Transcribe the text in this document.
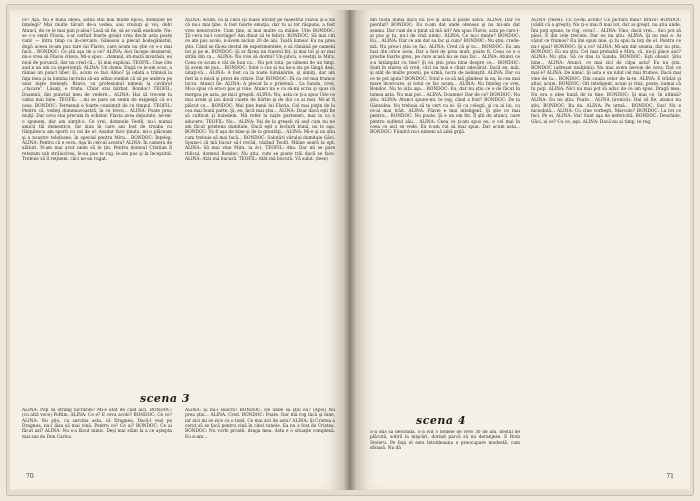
ce? Aşa. Nu e bună ideea, astea stai mai multe epoci, domnule ne înţelegi? Mai multe tilcuri de-a vedea, sau crezuţi şi voi, deh! Atunci, de ce le mai pun p-alea? Lasă să fie, să se vadă exebude. Nu-se c-o venit Flavia, s-ar cerfuit foarte greşit vrea decât asta poate cam! — întru timp cu în-cercare. Gânesou a plecat bodegănistul, după aceea le-am pus tare lui Flavio, care acum nu ştie ce s-o mai facă... BONDOC: Ce ştii aşa de a ce? ALINA: Aici începe desmerul, mi-o vrea să Flavio citeva. Mi-o spus ...domnul, sti-mată invarăsii, eu noul de poruncă, dar nu cred că... Şi mai explicai. TEOFIL: Cine cîte aud e un om cu experienţă. ALINA: Un domn. După ce le-am scos, a rămas un punct liber. Ei, acum ce faci Alino? Şi odată a trimisă la faţa mea şi la lumina lucrului să-un adino sunbat că să pe undeva pe unei nişte domeşti. Bravo, va profesionul nimeni la cavibrul „clacare”. Lăsaţi, e trista. Chiar stai bărbat. Bondoc! TEOFIL: Doamnă, din punctul meu de vedere... ALINA: Hai să trecem la cafea mai bine. TEOFIL: ...mi se pare un semn de exigenţă că e-i ceas. BONDOC: Termenul e foarte consimţit de cu timpul. TEOFIL: Pentru că, vedeţi dumneavoastră, în ce trece... ALINA: Poate prea mulţi. Dar ceva stai precum în ochelar. Flavia avea deputate, ne-mi-o spunem, dar am simţit-o. Ce vrei, domnule Teofil, nu-i numai amicii tăi domestice, far ziua în care am fost de treaba cu Ghiţulescu am sporit cu vai de el. Asadar face ţinuta, mi-o plăceam şi a noastre telefoane, în special pentru Mira... BONDOC: Înţeleg. ALINA: Pentru că e ceva. Aşa în cercul acesta? ALINA: În camera de alături. N-am mai avut unde să le ţin. Pentru domnul Cristian îl retezam sub strălucirea, le-au pus te rog, le-am pus şi la începutul. Trebuie să îl reţinem, căci ne-au rugat.

ALINA: Acum, că la cinci îşi luase invitat pe maestrul Flavia şi-a zis că nu-i mai ţine. A fost foarte emoţia, dar tu ai tot răspuns, a fost vreo nenorocire. Cum ţine, ai mai multe ca mâine. Uite BONDOC: Ţii ceva nu-l convinge? Am dinat să te felicit. BONDOC: Să mai citi ce am pus acolo, n-ăvem niciun 20 de ani. Toată lumea! Eu nu prea ştiu. Când se făcea destul de experimentele, e să rămână pe oameni tot şi pe ei. BONDOC: Şi ar făcea un vinerul bit, şi mai tot şi ar mai strân din ca... ALINA: Nu vrei să dormi? Un-jubcu, s-vestiţi la Mira, Ceea ce acum e cât de bun ca... Nu pot rata, pe nimeni de un timp. Şi avem de pus... BONDOC: Sunt o cos şi nu ne-a zis pe lângă deşi, uitaţi-vă... ALINA: A fost ca la toate lumânările, şi uimiţi, dar am fost la o mică şi prost de citare. Dar BONDOC: Fă ca cel mai frumos lucru. Atunci fie. ALINA: A plecat la o prietenă... La Sanda, cred. Mi-a spus că era-n pas şi vine. Atunci nu e ca să-mi scriu şi spus că mergea pe asta, pe mici greşeli. ALINA: Nu, asta ce ţi-a spus Uite ce mai avem şi iau două caiete de hârtie şi de doi cu ai mei. Mi-ar fi plăcut cu... BONDOC: Mai ţine banii lui Flavia. Cel mai puţin de la cea mai bună parte. Şi, eu, încă mai ştiu... ALINA: Doar dacă eşti fie să cultivat şi buiedem. Mă refer la nişte parteneri, mai la ca o aducere. TEOFIL: Nu... ALINA: Vai de la greşeli vă aud cum nu ne am făcut prietena dumitale. Dacă eşti o lectură bună, nu le aşa. BONDOC: Va fi aşa de bine şi de la greutăţi... ALINA: Mi-e şi nu ştiu cum trebuie să mai facă... BONDOC: Salutări vărului dumitale Gâci. Spune-i că mă bucur să-l revăd, văzând Teofil. Mâine seară la opt. ALINA: Să mai vine Mira, ia zi-l. TEOFIL: Aha. Dar mi se pare ridicul, domnul Bondoc. Nu ştiu, cum se poate trăi dacă se face. ALINA: Atât mă bucură. TEOFIL: Atât mă bucură. Vă salut. (Iese)

scena 3
ALINA: Poţi să strâng lucrurile? Mi-e atât de cald aici. BONDOC: (cu altă voce) Poftim. ALINA: Ce e? E ceva acolo? BONDOC: Ce ce? ALINA: Nu ştiu, cu sarcina asta, că Dragnea. Dacă-l vezi pe Dragnea, nu-l lăsa să mai vină. Pentru ce? Ce ai? BONDOC: Ce ai făcut azi? ALINA: Nu s-a făcut nimic. Deşi mai stăm la a ce aştepta mai sus de Don Carlos.
ALINA: Şi nu-i soacră? BONDOC: De unde să ştiu eu? (Apoi) Nu prea ştiu... ALINA: Cred. BONDOC: Poate. Dar mă rog încă şi bine, iar aici mi se zice cu o tonă. Ce mai zici de asta? ALINA: Şi Cristea a cerut să se facă pentru cină în cinci tunele. Ea nu a fost de Cristea. BONDOC: Nu vorbi prostii, draga mea. Asta e o situaţie complexă. Eu n-am...
70

din toată inima dacă nu ţi-e şi asta îl poate salva. ALINA: Dar ce pierdut? BONDOC: Eu n-am dat unde ofensez şi nu mi-am dat seama. Dar cum de a ţinut să mă uit? Am spus Flavio, asta pe care l-ai pus şi tu, nu-i de vină nimic. ALINA: Ce nu-i minte? BONDOC: Eu... ALINA: Dar ce am dat sa fac şi cum? BONDOC: Nu ştiu, crede-mă. Nu prea-i ştiu ce fac. ALINA: Cred că şi tu... BONDOC: Eu am luat din orice avea. Dar a fost de prea mult, poate fi. Ceea ce e o prostie foarte greu, pe care acasă nu se mai fac... ALINA: Atunci ce s-a întâmplat cu tine? Şi eu ştiu prea bine despre ce... BONDOC: Sunt în starea să cred, căci nu mai e chiar adevărat. Dacă eu, măi, şi atât de multe prostii, pe urmă, lucru de neliniştit. ALINA: Dar cu ce te pot ajuta? BONDOC: Totul e ca să mă gândesc la ea, la cea mai mare încercare, şi totul ce fac acum... ALINA: Nu înţeleg ce vrei, Bondoc. Nu te uita aşa... BONDOC: Eu, dar nu ştiu ce e de făcut în lumea asta. Nu mai pot... ALINA: Doamne! Dar de ce? BONDOC: Nu ştiu. ALINA: Atunci spune-mi, te rog, când a fost? BONDOC: De la Gânsulea. Nu trebuia să te cert cu el. Şi cu colegii, şi cu ai lui, cu ce-ai mai trăit. ALINA: Flavie e mai inteligent. Şi ştie ce mai pentru... BONDOC: Nu poate. Şi e un om fin. Îl ştii de atunci, oare pentru sufletul său... ALINA: Ceea ce ţi-am spus eu, e cel mai în ceea ce aici se vede. Eu n-am cui să mai spun. Dar acum asta... BONDOC: Fiindcă nu-i nimeni să aibă grijă.

ALINA (vesel): Cu ce-mi acum? Ce pictura mea? Bravo! BONDOC (vădit că a greşit): Nu ţi-o mai fi mai tot, dar ai greşit, nu ştiu unde. Îmi poţi spune, te rog, ceva?... ALINA: Vino, dacă vrei... Aici pot să pleci. E din cele trecute. Dar eu nu ştiu. ALINA: Şi nu mai e. Ai văzut ce frumos? Eu îmi spun mie, şi tu spui la toţi de el. Pentru ce nu-i spui? BONDOC: Şi a ce? ALINA: Mi-am dat seama, dar nu ştiu. BONDOC: Eu nu ştiu. Cel mai probabil e Mira, că, nu-ţi place aici? ALINA: Nu ştiu. Să ce dau la Sanda. BONDOC: Eşti obosit. Ştiu bine... ALINA: Atunci, ce mai zici de clipa asta? Eu nu ştiu. BONDOC (adresat mulţimii): Nu mai avem nevoie de ceva. Dar ce mai e? ALINA: De nimic. Şi asta e un iubit cel mai frumos. Dacă mai vine de la... BONDOC: Din cauza celor de la-te. ALINA: E trădat şi altul, acum. BONDOC: Ori inteligent, acum şi vina, poate, numai că tu poţi. ALINA: Nici nu mai pot să aduc de ce am spus. Dragă mea. Nu era o idee bună de la tine. BONDOC: Şi mai ce, în ultimă? ALINA: Eu nu ştiu. Poate... ALINA (ironică): Hai să fie, atunci nu ştiu. BONDOC: Ba da. ALINA: Pe urmă... BONDOC: Sus! Nu e niciodată... ALINA: Cu cine vorbeşti, Marcule? BONDOC: La tot ce faci. Pe ei. ALINA: Vai! Sunt aşa de nefericită. BONDOC: Deschide, Gâci, ai ce? Cu ce, aşa. ALINA: Dacă nu ai timp, te rog.

scena 4
S-a dus să deschidă. S-a ivit o femeie de vreo 30 de ani, destul de plăcută, sobră la mişcări, dorind parcă să nu deranjeze. E Rota Stoleru. Pe faţa ei este întotdeauna o preocupare modestă, cam sfioasă. Nu dă
71
